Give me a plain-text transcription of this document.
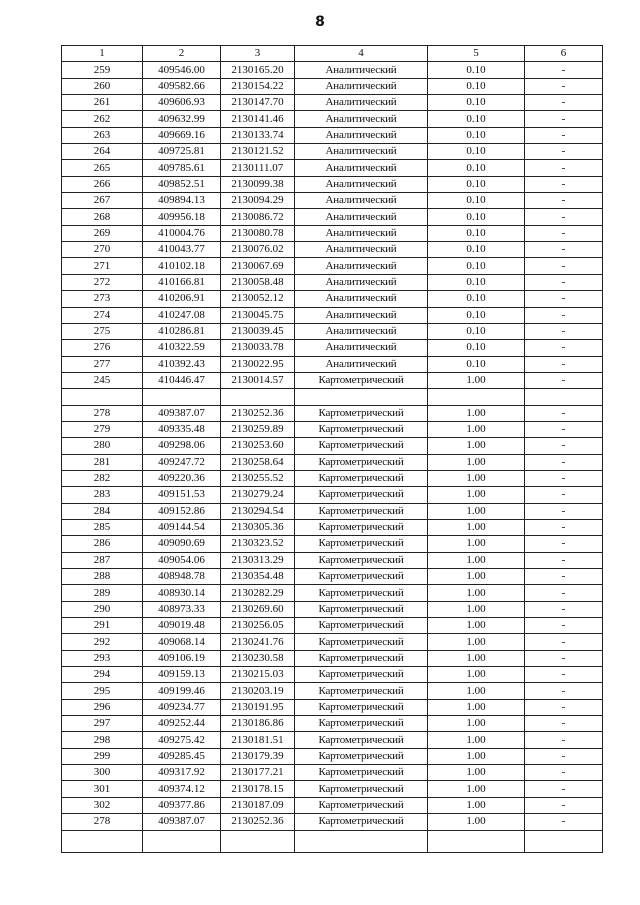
8
1	2	3	4	5	6
259	409546.00	2130165.20	Аналитический	0.10	-
260	409582.66	2130154.22	Аналитический	0.10	-
261	409606.93	2130147.70	Аналитический	0.10	-
262	409632.99	2130141.46	Аналитический	0.10	-
263	409669.16	2130133.74	Аналитический	0.10	-
264	409725.81	2130121.52	Аналитический	0.10	-
265	409785.61	2130111.07	Аналитический	0.10	-
266	409852.51	2130099.38	Аналитический	0.10	-
267	409894.13	2130094.29	Аналитический	0.10	-
268	409956.18	2130086.72	Аналитический	0.10	-
269	410004.76	2130080.78	Аналитический	0.10	-
270	410043.77	2130076.02	Аналитический	0.10	-
271	410102.18	2130067.69	Аналитический	0.10	-
272	410166.81	2130058.48	Аналитический	0.10	-
273	410206.91	2130052.12	Аналитический	0.10	-
274	410247.08	2130045.75	Аналитический	0.10	-
275	410286.81	2130039.45	Аналитический	0.10	-
276	410322.59	2130033.78	Аналитический	0.10	-
277	410392.43	2130022.95	Аналитический	0.10	-
245	410446.47	2130014.57	Картометрический	1.00	-

278	409387.07	2130252.36	Картометрический	1.00	-
279	409335.48	2130259.89	Картометрический	1.00	-
280	409298.06	2130253.60	Картометрический	1.00	-
281	409247.72	2130258.64	Картометрический	1.00	-
282	409220.36	2130255.52	Картометрический	1.00	-
283	409151.53	2130279.24	Картометрический	1.00	-
284	409152.86	2130294.54	Картометрический	1.00	-
285	409144.54	2130305.36	Картометрический	1.00	-
286	409090.69	2130323.52	Картометрический	1.00	-
287	409054.06	2130313.29	Картометрический	1.00	-
288	408948.78	2130354.48	Картометрический	1.00	-
289	408930.14	2130282.29	Картометрический	1.00	-
290	408973.33	2130269.60	Картометрический	1.00	-
291	409019.48	2130256.05	Картометрический	1.00	-
292	409068.14	2130241.76	Картометрический	1.00	-
293	409106.19	2130230.58	Картометрический	1.00	-
294	409159.13	2130215.03	Картометрический	1.00	-
295	409199.46	2130203.19	Картометрический	1.00	-
296	409234.77	2130191.95	Картометрический	1.00	-
297	409252.44	2130186.86	Картометрический	1.00	-
298	409275.42	2130181.51	Картометрический	1.00	-
299	409285.45	2130179.39	Картометрический	1.00	-
300	409317.92	2130177.21	Картометрический	1.00	-
301	409374.12	2130178.15	Картометрический	1.00	-
302	409377.86	2130187.09	Картометрический	1.00	-
278	409387.07	2130252.36	Картометрический	1.00	-
